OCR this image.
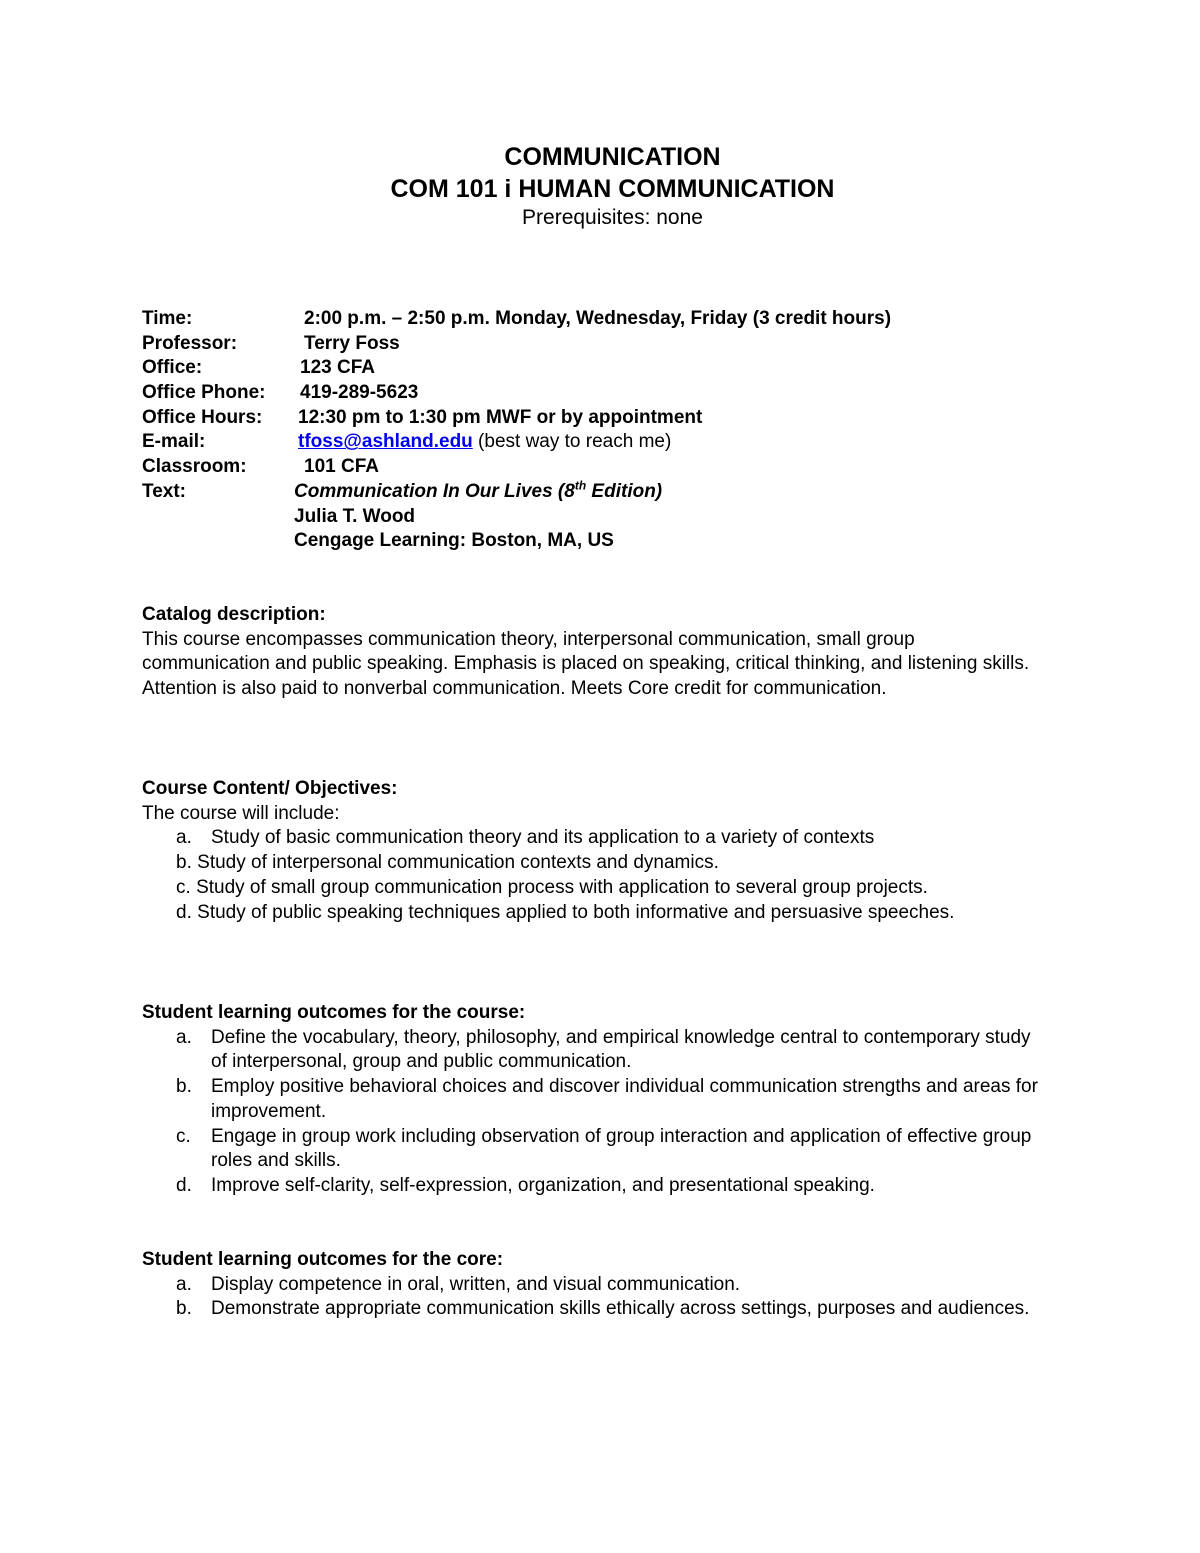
COMMUNICATION
COM 101 i HUMAN COMMUNICATION
Prerequisites: none
Time:	2:00 p.m. – 2:50 p.m. Monday, Wednesday, Friday (3 credit hours)
Professor:	Terry Foss
Office:	123 CFA
Office Phone:	419-289-5623
Office Hours:	12:30 pm to 1:30 pm MWF or by appointment
E-mail:	tfoss@ashland.edu (best way to reach me)
Classroom:	101 CFA
Text:	Communication In Our Lives (8th Edition)
Julia T. Wood
Cengage Learning: Boston, MA, US
Catalog description:

This course encompasses communication theory, interpersonal communication, small group communication and public speaking. Emphasis is placed on speaking, critical thinking, and listening skills. Attention is also paid to nonverbal communication. Meets Core credit for communication.

Course Content/ Objectives:
The course will include:
a. Study of basic communication theory and its application to a variety of contexts
b. Study of interpersonal communication contexts and dynamics.
c. Study of small group communication process with application to several group projects.
d. Study of public speaking techniques applied to both informative and persuasive speeches.
Student learning outcomes for the course:
a. Define the vocabulary, theory, philosophy, and empirical knowledge central to contemporary study of interpersonal, group and public communication.
b. Employ positive behavioral choices and discover individual communication strengths and areas for improvement.
c. Engage in group work including observation of group interaction and application of effective group roles and skills.
d. Improve self-clarity, self-expression, organization, and presentational speaking.
Student learning outcomes for the core:
a. Display competence in oral, written, and visual communication.
b. Demonstrate appropriate communication skills ethically across settings, purposes and audiences.
